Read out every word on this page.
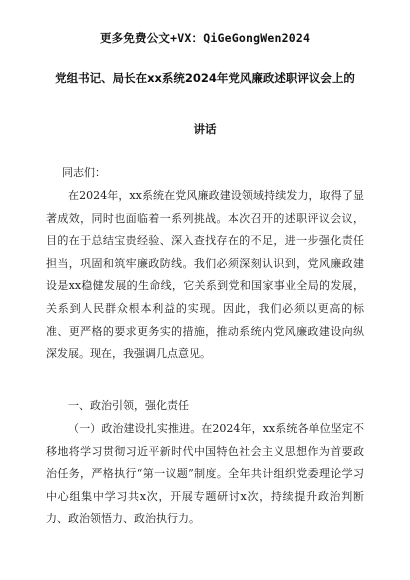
更多免费公文+VX：QiGeGongWen2024
党组书记、局长在xx系统2024年党风廉政述职评议会上的
讲话
同志们：
在2024年，xx系统在党风廉政建设领域持续发力，取得了显著成效，同时也面临着一系列挑战。本次召开的述职评议会议，目的在于总结宝贵经验、深入查找存在的不足，进一步强化责任担当，巩固和筑牢廉政防线。我们必须深刻认识到，党风廉政建设是xx稳健发展的生命线，它关系到党和国家事业全局的发展，关系到人民群众根本利益的实现。因此，我们必须以更高的标准、更严格的要求更务实的措施，推动系统内党风廉政建设向纵深发展。现在，我强调几点意见。
一、政治引领，强化责任
（一）政治建设扎实推进。在2024年，xx系统各单位坚定不移地将学习贯彻习近平新时代中国特色社会主义思想作为首要政治任务，严格执行“第一议题”制度。全年共计组织党委理论学习中心组集中学习共x次，开展专题研讨x次，持续提升政治判断力、政治领悟力、政治执行力。
